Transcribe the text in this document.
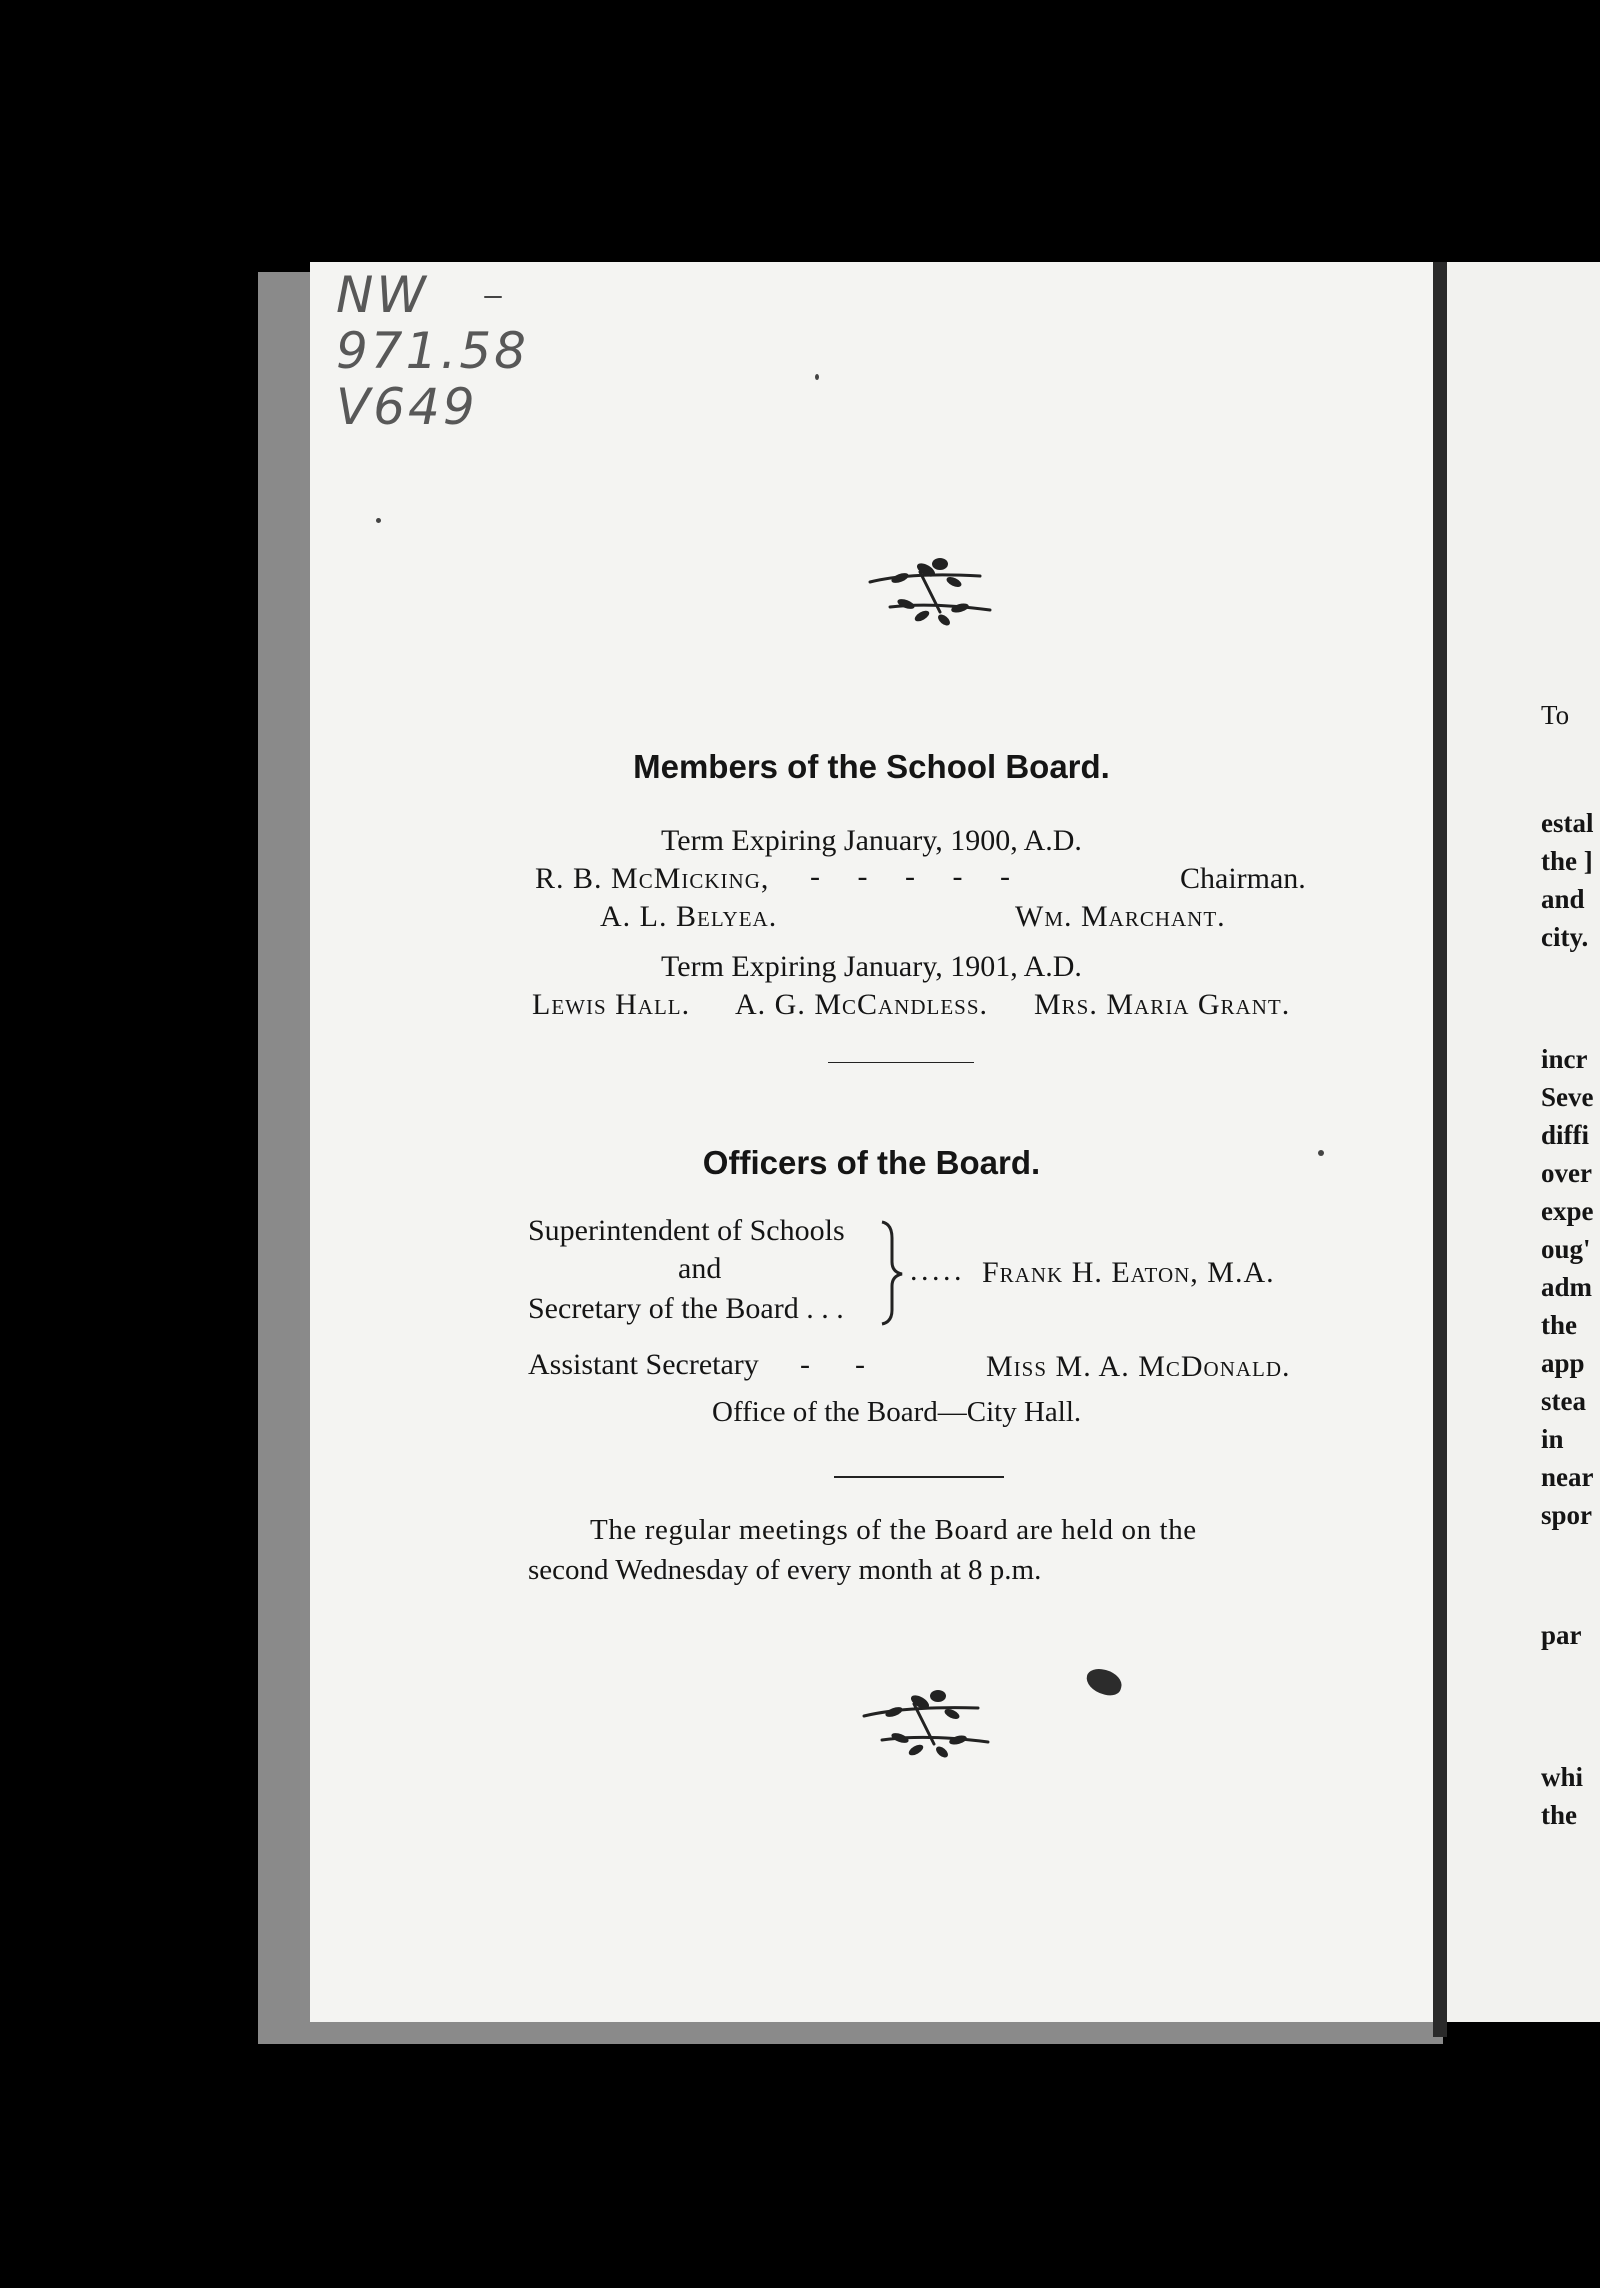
NW
971.58
V649
Members of the School Board.
Term Expiring January, 1900, A.D.
R. B. McMicking, -     -     -     -     -	Chairman.
A. L. Belyea.	Wm. Marchant.
Term Expiring January, 1901, A.D.
Lewis Hall. A. G. McCandless. Mrs. Maria Grant.
Officers of the Board.
Superintendent of Schools
and
Secretary of the Board . . .
. . . . . Frank H. Eaton, M.A.
Assistant Secretary -      -	Miss M. A. McDonald.
Office of the Board—City Hall.
The regular meetings of the Board are held on the
second Wednesday of every month at 8 p.m.
To
estal
the ]
and
city.
incr
Seve
diffi
over
expe
oug'
adm
the
app
stea
in
near
spor
par
whi
the
